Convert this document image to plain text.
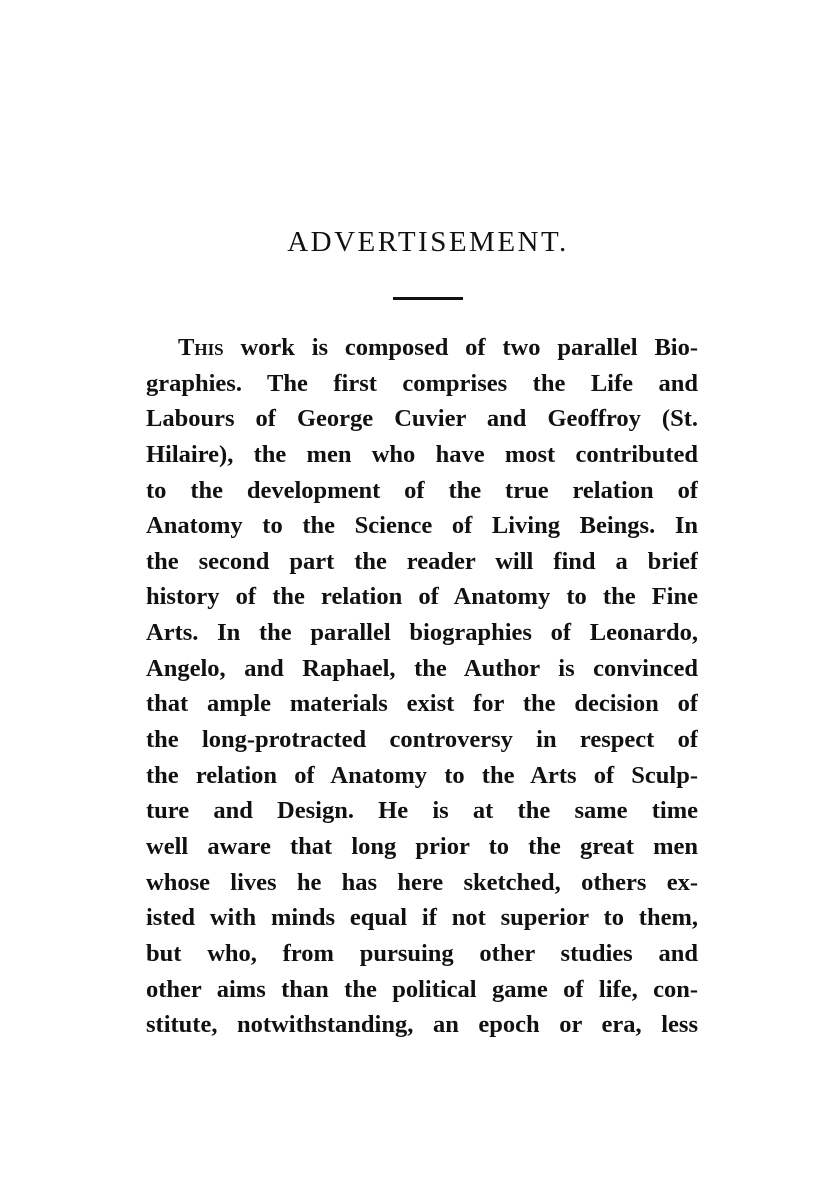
ADVERTISEMENT.
This work is composed of two parallel Bio-
graphies. The first comprises the Life and
Labours of George Cuvier and Geoffroy (St.
Hilaire), the men who have most contributed
to the development of the true relation of
Anatomy to the Science of Living Beings. In
the second part the reader will find a brief
history of the relation of Anatomy to the Fine
Arts. In the parallel biographies of Leonardo,
Angelo, and Raphael, the Author is convinced
that ample materials exist for the decision of
the long-protracted controversy in respect of
the relation of Anatomy to the Arts of Sculp-
ture and Design. He is at the same time
well aware that long prior to the great men
whose lives he has here sketched, others ex-
isted with minds equal if not superior to them,
but who, from pursuing other studies and
other aims than the political game of life, con-
stitute, notwithstanding, an epoch or era, less
